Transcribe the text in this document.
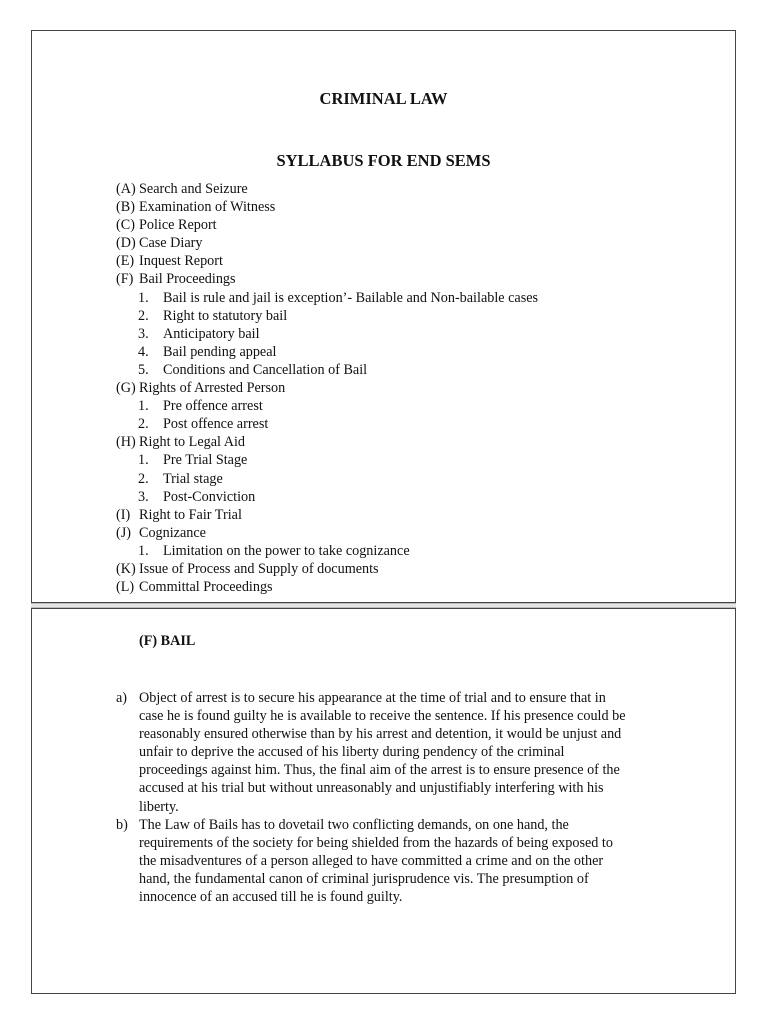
CRIMINAL LAW
SYLLABUS FOR END SEMS
(A) Search and Seizure
(B) Examination of Witness
(C) Police Report
(D) Case Diary
(E) Inquest Report
(F) Bail Proceedings
1. Bail is rule and jail is exception’- Bailable and Non-bailable cases
2. Right to statutory bail
3. Anticipatory bail
4. Bail pending appeal
5. Conditions and Cancellation of Bail
(G) Rights of Arrested Person
1. Pre offence arrest
2. Post offence arrest
(H) Right to Legal Aid
1. Pre Trial Stage
2. Trial stage
3. Post-Conviction
(I) Right to Fair Trial
(J) Cognizance
1. Limitation on the power to take cognizance
(K) Issue of Process and Supply of documents
(L) Committal Proceedings
(F) BAIL
a) Object of arrest is to secure his appearance at the time of trial and to ensure that in
case he is found guilty he is available to receive the sentence. If his presence could be
reasonably ensured otherwise than by his arrest and detention, it would be unjust and
unfair to deprive the accused of his liberty during pendency of the criminal
proceedings against him. Thus, the final aim of the arrest is to ensure presence of the
accused at his trial but without unreasonably and unjustifiably interfering with his
liberty.
b) The Law of Bails has to dovetail two conflicting demands, on one hand, the
requirements of the society for being shielded from the hazards of being exposed to
the misadventures of a person alleged to have committed a crime and on the other
hand, the fundamental canon of criminal jurisprudence vis. The presumption of
innocence of an accused till he is found guilty.
